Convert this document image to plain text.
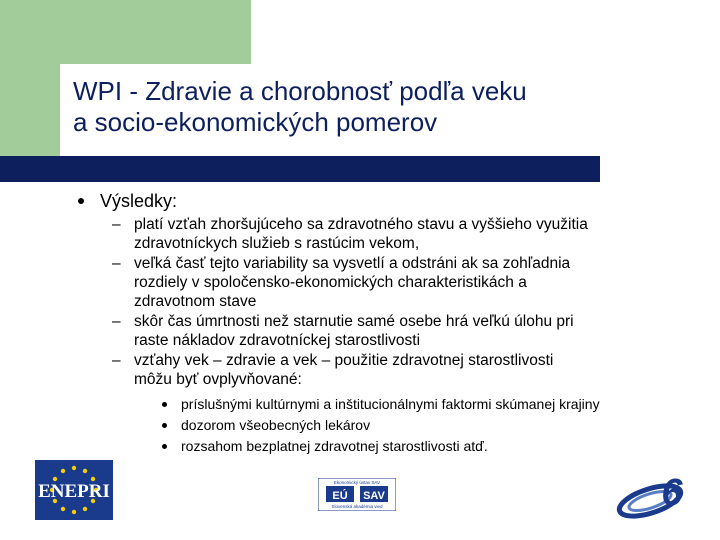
WPI - Zdravie a chorobnosť podľa veku
a socio-ekonomických pomerov
Výsledky:
– platí vzťah zhoršujúceho sa zdravotného stavu a vyššieho využitia
zdravotníckych služieb s rastúcim vekom,
– veľká časť tejto variability sa vysvetlí a odstráni ak sa zohľadnia
rozdiely v spoločensko-ekonomických charakteristikách a
zdravotnom stave
– skôr čas úmrtnosti než starnutie samé osebe hrá veľkú úlohu pri
raste nákladov zdravotníckej starostlivosti
– vzťahy vek – zdravie a vek – použitie zdravotnej starostlivosti
môžu byť ovplyvňované:
príslušnými kultúrnymi a inštitucionálnymi faktormi skúmanej krajiny
dozorom všeobecných lekárov
rozsahom bezplatnej zdravotnej starostlivosti atď.
ENEPRI	Ekonomický ústav SAV
EÚ SAV
Slovenská akadémia vied	6
